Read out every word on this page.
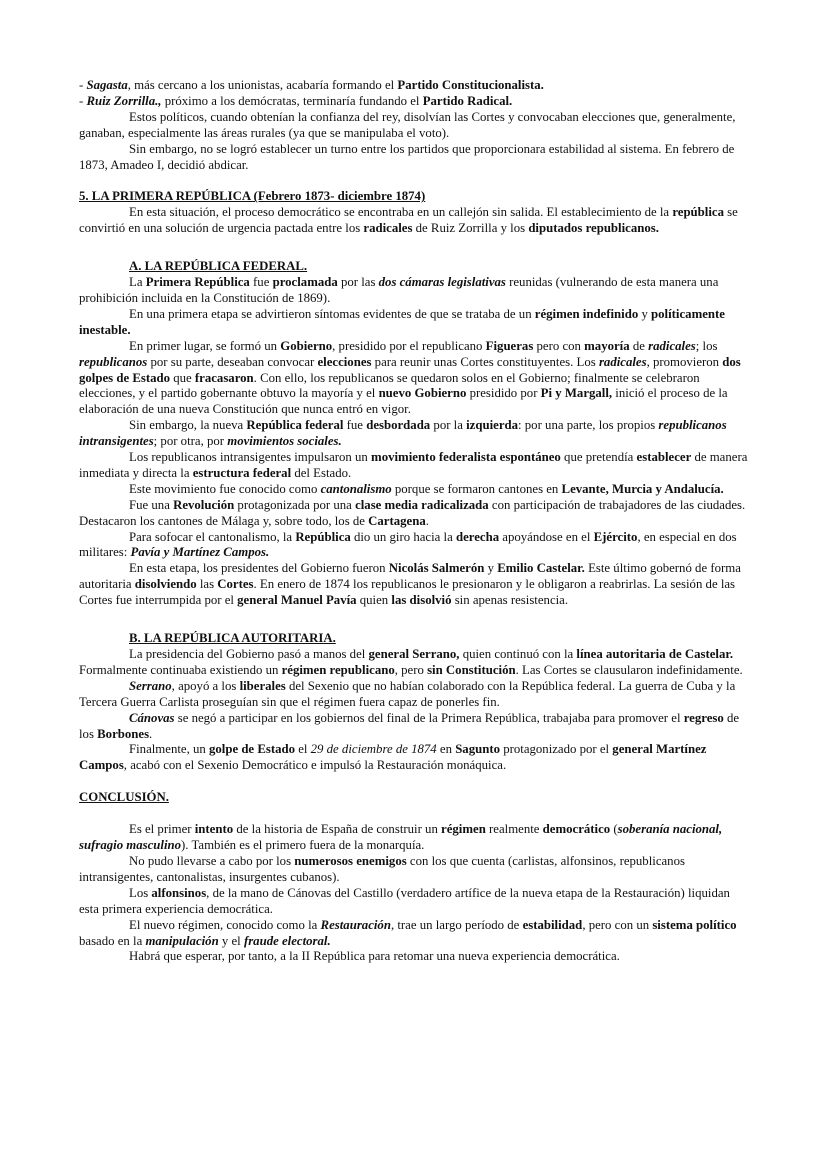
- Sagasta, más cercano a los unionistas, acabaría formando el Partido Constitucionalista.

- Ruiz Zorrilla., próximo a los demócratas, terminaría fundando el Partido Radical.

Estos políticos, cuando obtenían la confianza del rey, disolvían las Cortes y convocaban elecciones que, generalmente, ganaban, especialmente las áreas rurales (ya que se manipulaba el voto).

Sin embargo, no se logró establecer un turno entre los partidos que proporcionara estabilidad al sistema. En febrero de 1873, Amadeo I, decidió abdicar.

5. LA PRIMERA REPÚBLICA (Febrero 1873- diciembre 1874)

En esta situación, el proceso democrático se encontraba en un callejón sin salida. El establecimiento de la república se convirtió en una solución de urgencia pactada entre los radicales de Ruiz Zorrilla y los diputados republicanos.

A. LA REPÚBLICA FEDERAL.

La Primera República fue proclamada por las dos cámaras legislativas reunidas (vulnerando de esta manera una prohibición incluida en la Constitución de 1869).

En una primera etapa se advirtieron síntomas evidentes de que se trataba de un régimen indefinido y políticamente inestable.

En primer lugar, se formó un Gobierno, presidido por el republicano Figueras pero con mayoría de radicales; los republicanos por su parte, deseaban convocar elecciones para reunir unas Cortes constituyentes. Los radicales, promovieron dos golpes de Estado que fracasaron. Con ello, los republicanos se quedaron solos en el Gobierno; finalmente se celebraron elecciones, y el partido gobernante obtuvo la mayoría y el nuevo Gobierno presidido por Pi y Margall, inició el proceso de la elaboración de una nueva Constitución que nunca entró en vigor.

Sin embargo, la nueva República federal fue desbordada por la izquierda: por una parte, los propios republicanos intransigentes; por otra, por movimientos sociales.

Los republicanos intransigentes impulsaron un movimiento federalista espontáneo que pretendía establecer de manera inmediata y directa la estructura federal del Estado.

Este movimiento fue conocido como cantonalismo porque se formaron cantones en Levante, Murcia y Andalucía.

Fue una Revolución protagonizada por una clase media radicalizada con participación de trabajadores de las ciudades. Destacaron los cantones de Málaga y, sobre todo, los de Cartagena.

Para sofocar el cantonalismo, la República dio un giro hacia la derecha apoyándose en el Ejército, en especial en dos militares: Pavía y Martínez Campos.

En esta etapa, los presidentes del Gobierno fueron Nicolás Salmerón y Emilio Castelar. Este último gobernó de forma autoritaria disolviendo las Cortes. En enero de 1874 los republicanos le presionaron y le obligaron a reabrirlas. La sesión de las Cortes fue interrumpida por el general Manuel Pavía quien las disolvió sin apenas resistencia.

B. LA REPÚBLICA AUTORITARIA.

La presidencia del Gobierno pasó a manos del general Serrano, quien continuó con la línea autoritaria de Castelar. Formalmente continuaba existiendo un régimen republicano, pero sin Constitución. Las Cortes se clausularon indefinidamente.

Serrano, apoyó a los liberales del Sexenio que no habían colaborado con la República federal. La guerra de Cuba y la Tercera Guerra Carlista proseguían sin que el régimen fuera capaz de ponerles fin.

Cánovas se negó a participar en los gobiernos del final de la Primera República, trabajaba para promover el regreso de los Borbones.

Finalmente, un golpe de Estado el 29 de diciembre de 1874 en Sagunto protagonizado por el general Martínez Campos, acabó con el Sexenio Democrático e impulsó la Restauración monáquica.

CONCLUSIÓN.

Es el primer intento de la historia de España de construir un régimen realmente democrático (soberanía nacional, sufragio masculino). También es el primero fuera de la monarquía.

No pudo llevarse a cabo por los numerosos enemigos con los que cuenta (carlistas, alfonsinos, republicanos intransigentes, cantonalistas, insurgentes cubanos).

Los alfonsinos, de la mano de Cánovas del Castillo (verdadero artífice de la nueva etapa de la Restauración) liquidan esta primera experiencia democrática.

El nuevo régimen, conocido como la Restauración, trae un largo período de estabilidad, pero con un sistema político basado en la manipulación y el fraude electoral.

Habrá que esperar, por tanto, a la II República para retomar una nueva experiencia democrática.
